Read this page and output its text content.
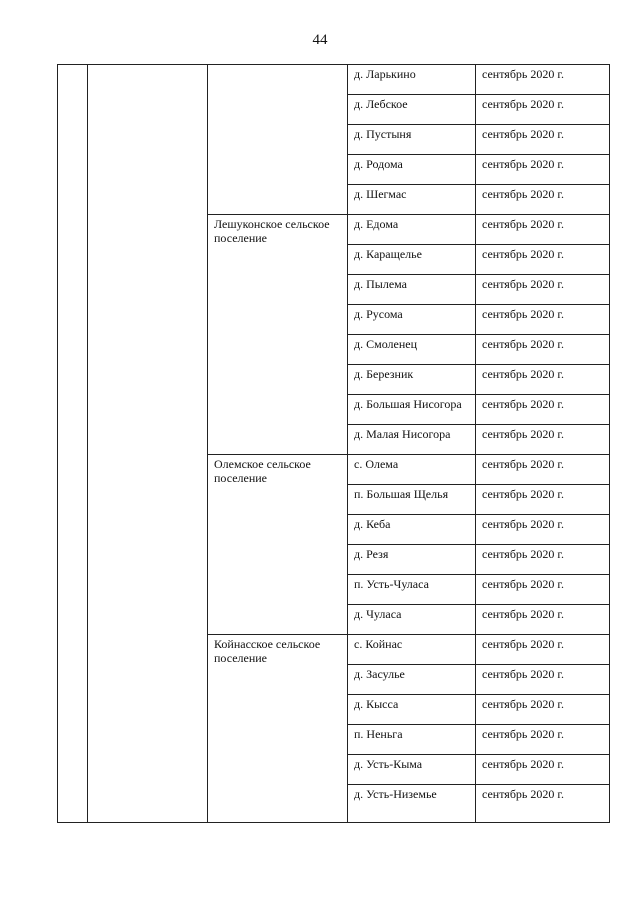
44
			д. Ларькино	сентябрь 2020 г.
			д. Лебское	сентябрь 2020 г.
			д. Пустыня	сентябрь 2020 г.
			д. Родома	сентябрь 2020 г.
			д. Шегмас	сентябрь 2020 г.
		Лешуконское сельское поселение	д. Едома	сентябрь 2020 г.
			д. Каращелье	сентябрь 2020 г.
			д. Пылема	сентябрь 2020 г.
			д. Русома	сентябрь 2020 г.
			д. Смоленец	сентябрь 2020 г.
			д. Березник	сентябрь 2020 г.
			д. Большая Нисогора	сентябрь 2020 г.
			д. Малая Нисогора	сентябрь 2020 г.
		Олемское сельское поселение	с. Олема	сентябрь 2020 г.
			п. Большая Щелья	сентябрь 2020 г.
			д. Кеба	сентябрь 2020 г.
			д. Резя	сентябрь 2020 г.
			п. Усть-Чуласа	сентябрь 2020 г.
			д. Чуласа	сентябрь 2020 г.
		Койнасское сельское поселение	с. Койнас	сентябрь 2020 г.
			д. Засулье	сентябрь 2020 г.
			д. Кысса	сентябрь 2020 г.
			п. Неньга	сентябрь 2020 г.
			д. Усть-Кыма	сентябрь 2020 г.
			д. Усть-Низемье	сентябрь 2020 г.
